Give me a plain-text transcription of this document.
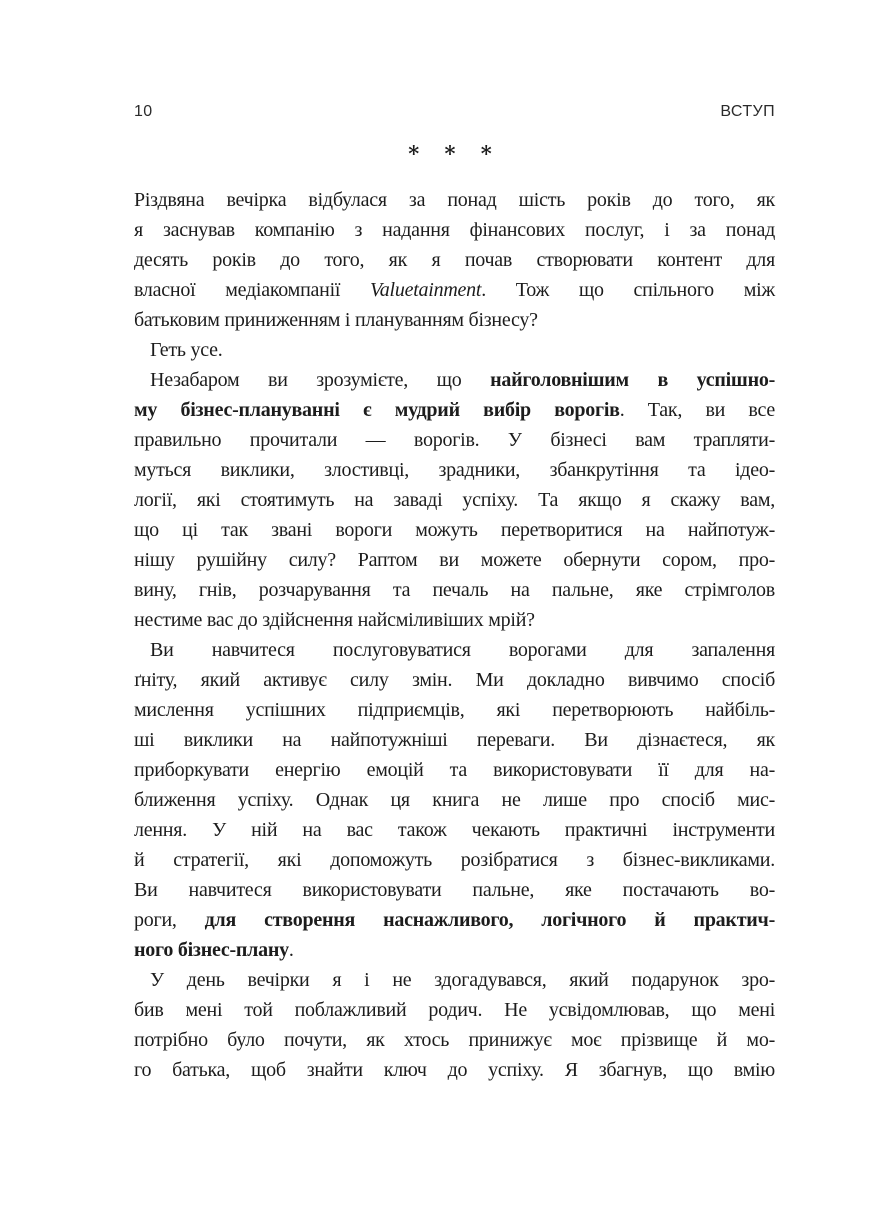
10	ВСТУП
* * *
Різдвяна вечірка відбулася за понад шість років до того, як
я заснував компанію з надання фінансових послуг, і за понад
десять років до того, як я почав створювати контент для
власної медіакомпанії Valuetainment. Тож що спільного між
батьковим приниженням і плануванням бізнесу?
Геть усе.
Незабаром ви зрозумієте, що найголовнішим в успішно-
му бізнес-плануванні є мудрий вибір ворогів. Так, ви все
правильно прочитали — ворогів. У бізнесі вам трапляти-
муться виклики, злостивці, зрадники, збанкрутіння та ідео-
логії, які стоятимуть на заваді успіху. Та якщо я скажу вам,
що ці так звані вороги можуть перетворитися на найпотуж-
нішу рушійну силу? Раптом ви можете обернути сором, про-
вину, гнів, розчарування та печаль на пальне, яке стрімголов
нестиме вас до здійснення найсміливіших мрій?
Ви навчитеся послуговуватися ворогами для запалення
ґніту, який активує силу змін. Ми докладно вивчимо спосіб
мислення успішних підприємців, які перетворюють найбіль-
ші виклики на найпотужніші переваги. Ви дізнаєтеся, як
приборкувати енергію емоцій та використовувати її для на-
ближення успіху. Однак ця книга не лише про спосіб мис-
лення. У ній на вас також чекають практичні інструменти
й стратегії, які допоможуть розібратися з бізнес-викликами.
Ви навчитеся використовувати пальне, яке постачають во-
роги, для створення наснажливого, логічного й практич-
ного бізнес-плану.
У день вечірки я і не здогадувався, який подарунок зро-
бив мені той поблажливий родич. Не усвідомлював, що мені
потрібно було почути, як хтось принижує моє прізвище й мо-
го батька, щоб знайти ключ до успіху. Я збагнув, що вмію
